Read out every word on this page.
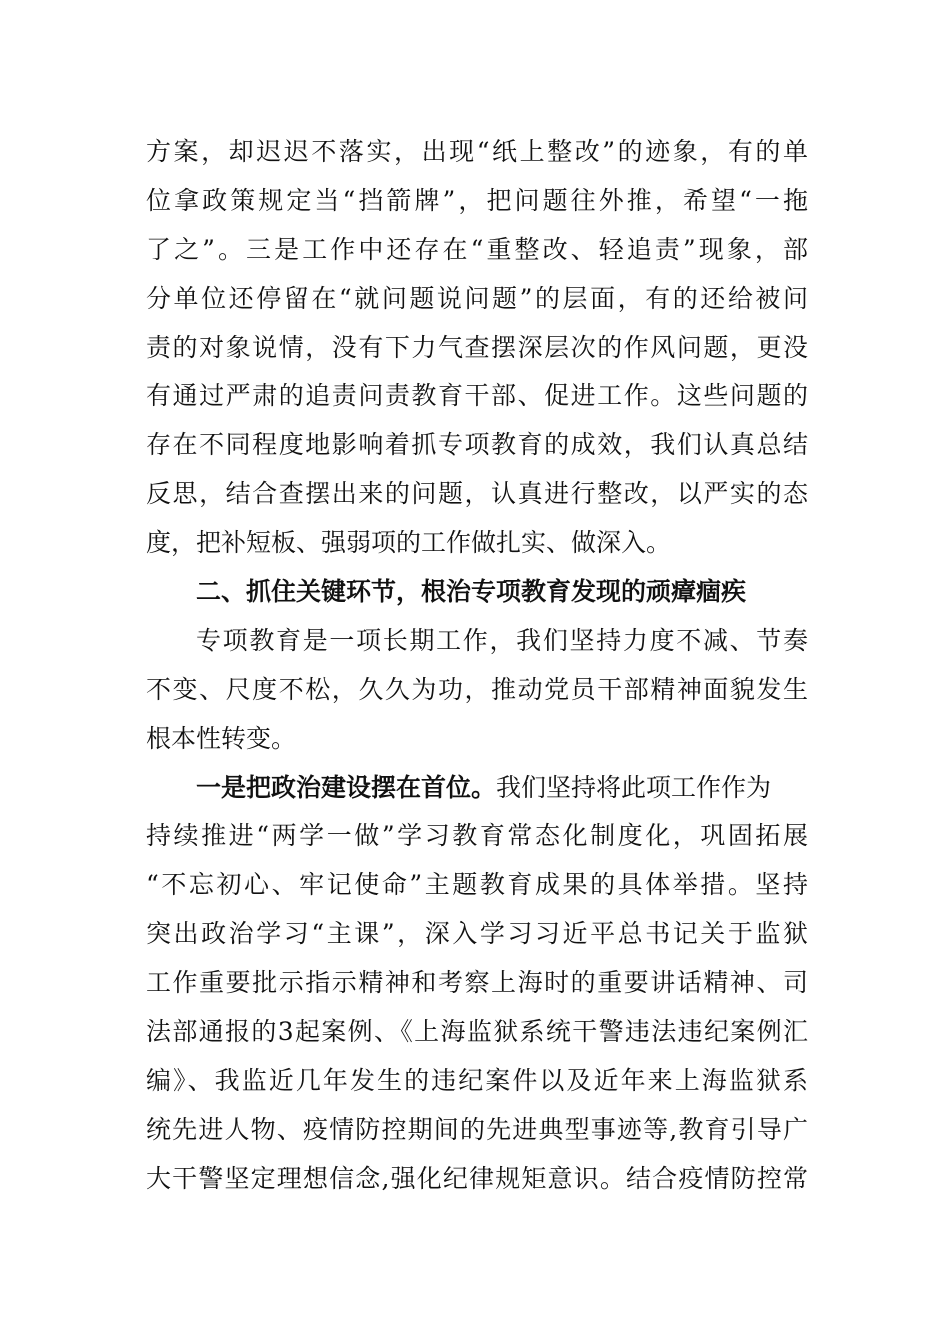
方案，却迟迟不落实，出现“纸上整改”的迹象，有的单
位拿政策规定当“挡箭牌”，把问题往外推，希望“一拖
了之”。三是工作中还存在“重整改、轻追责”现象，部
分单位还停留在“就问题说问题”的层面，有的还给被问
责的对象说情，没有下力气查摆深层次的作风问题，更没
有通过严肃的追责问责教育干部、促进工作。这些问题的
存在不同程度地影响着抓专项教育的成效，我们认真总结
反思，结合查摆出来的问题，认真进行整改，以严实的态
度，把补短板、强弱项的工作做扎实、做深入。
二、抓住关键环节，根治专项教育发现的顽瘴痼疾
专项教育是一项长期工作，我们坚持力度不减、节奏
不变、尺度不松，久久为功，推动党员干部精神面貌发生
根本性转变。
一是把政治建设摆在首位。我们坚持将此项工作作为
持续推进“两学一做”学习教育常态化制度化，巩固拓展
“不忘初心、牢记使命”主题教育成果的具体举措。坚持
突出政治学习“主课”，深入学习习近平总书记关于监狱
工作重要批示指示精神和考察上海时的重要讲话精神、司
法部通报的3起案例、《上海监狱系统干警违法违纪案例汇
编》、我监近几年发生的违纪案件以及近年来上海监狱系
统先进人物、疫情防控期间的先进典型事迹等,教育引导广
大干警坚定理想信念,强化纪律规矩意识。结合疫情防控常
